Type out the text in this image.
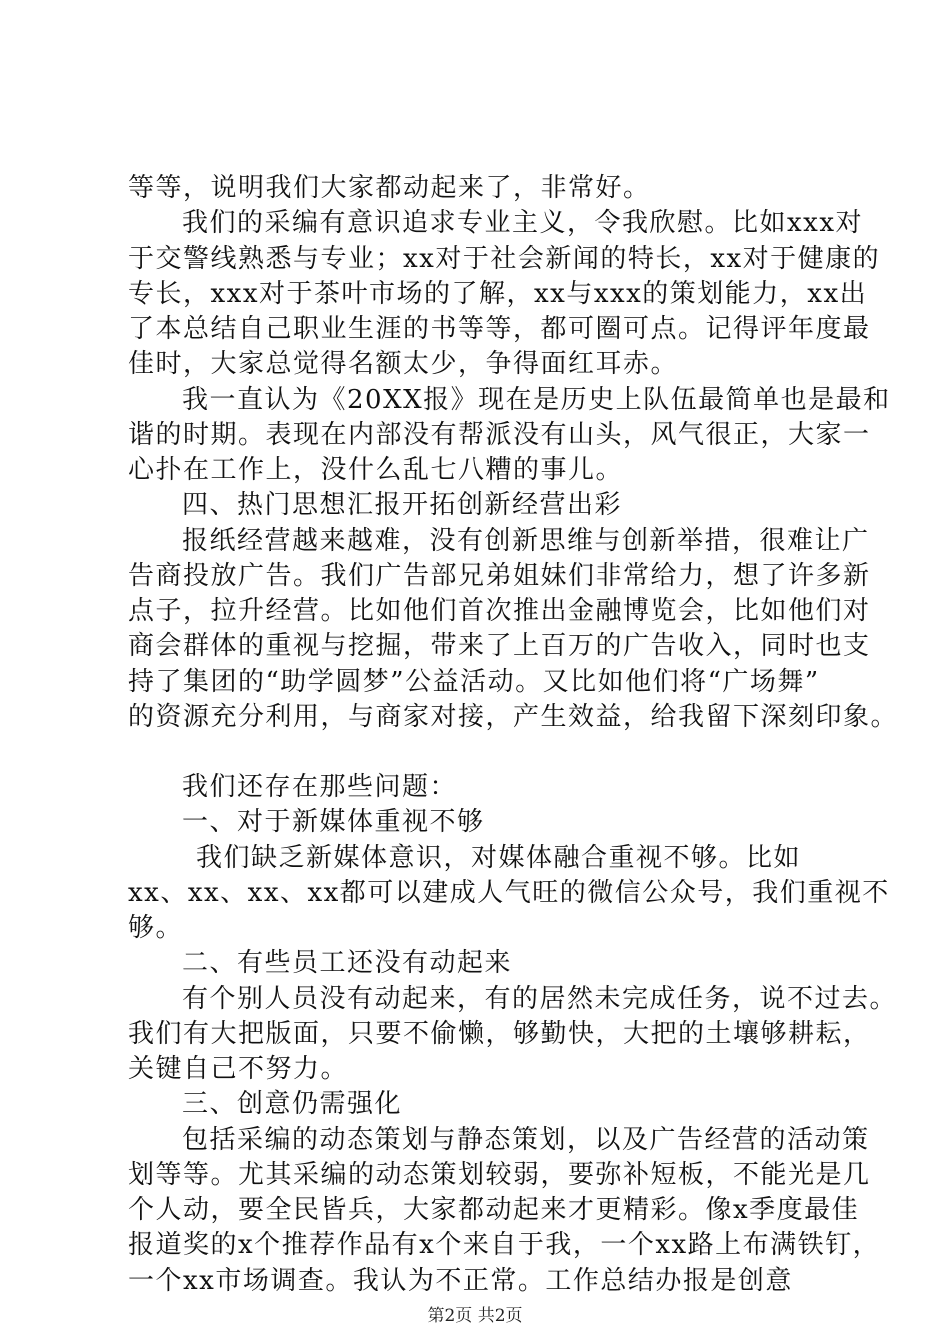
等等，说明我们大家都动起来了，非常好。
我们的采编有意识追求专业主义，令我欣慰。比如xxx对
于交警线熟悉与专业；xx对于社会新闻的特长，xx对于健康的
专长，xxx对于茶叶市场的了解，xx与xxx的策划能力，xx出
了本总结自己职业生涯的书等等，都可圈可点。记得评年度最
佳时，大家总觉得名额太少，争得面红耳赤。
我一直认为《20XX报》现在是历史上队伍最简单也是最和
谐的时期。表现在内部没有帮派没有山头，风气很正，大家一
心扑在工作上，没什么乱七八糟的事儿。
四、热门思想汇报开拓创新经营出彩
报纸经营越来越难，没有创新思维与创新举措，很难让广
告商投放广告。我们广告部兄弟姐妹们非常给力，想了许多新
点子，拉升经营。比如他们首次推出金融博览会，比如他们对
商会群体的重视与挖掘，带来了上百万的广告收入，同时也支
持了集团的“助学圆梦”公益活动。又比如他们将“广场舞”
的资源充分利用，与商家对接，产生效益，给我留下深刻印象。
我们还存在那些问题：
一、对于新媒体重视不够
我们缺乏新媒体意识，对媒体融合重视不够。比如
xx、xx、xx、xx都可以建成人气旺的微信公众号，我们重视不
够。
二、有些员工还没有动起来
有个别人员没有动起来，有的居然未完成任务，说不过去。
我们有大把版面，只要不偷懒，够勤快，大把的土壤够耕耘，
关键自己不努力。
三、创意仍需强化
包括采编的动态策划与静态策划，以及广告经营的活动策
划等等。尤其采编的动态策划较弱，要弥补短板，不能光是几
个人动，要全民皆兵，大家都动起来才更精彩。像x季度最佳
报道奖的x个推荐作品有x个来自于我，一个xx路上布满铁钉，
一个xx市场调查。我认为不正常。工作总结办报是创意
第2页 共2页
